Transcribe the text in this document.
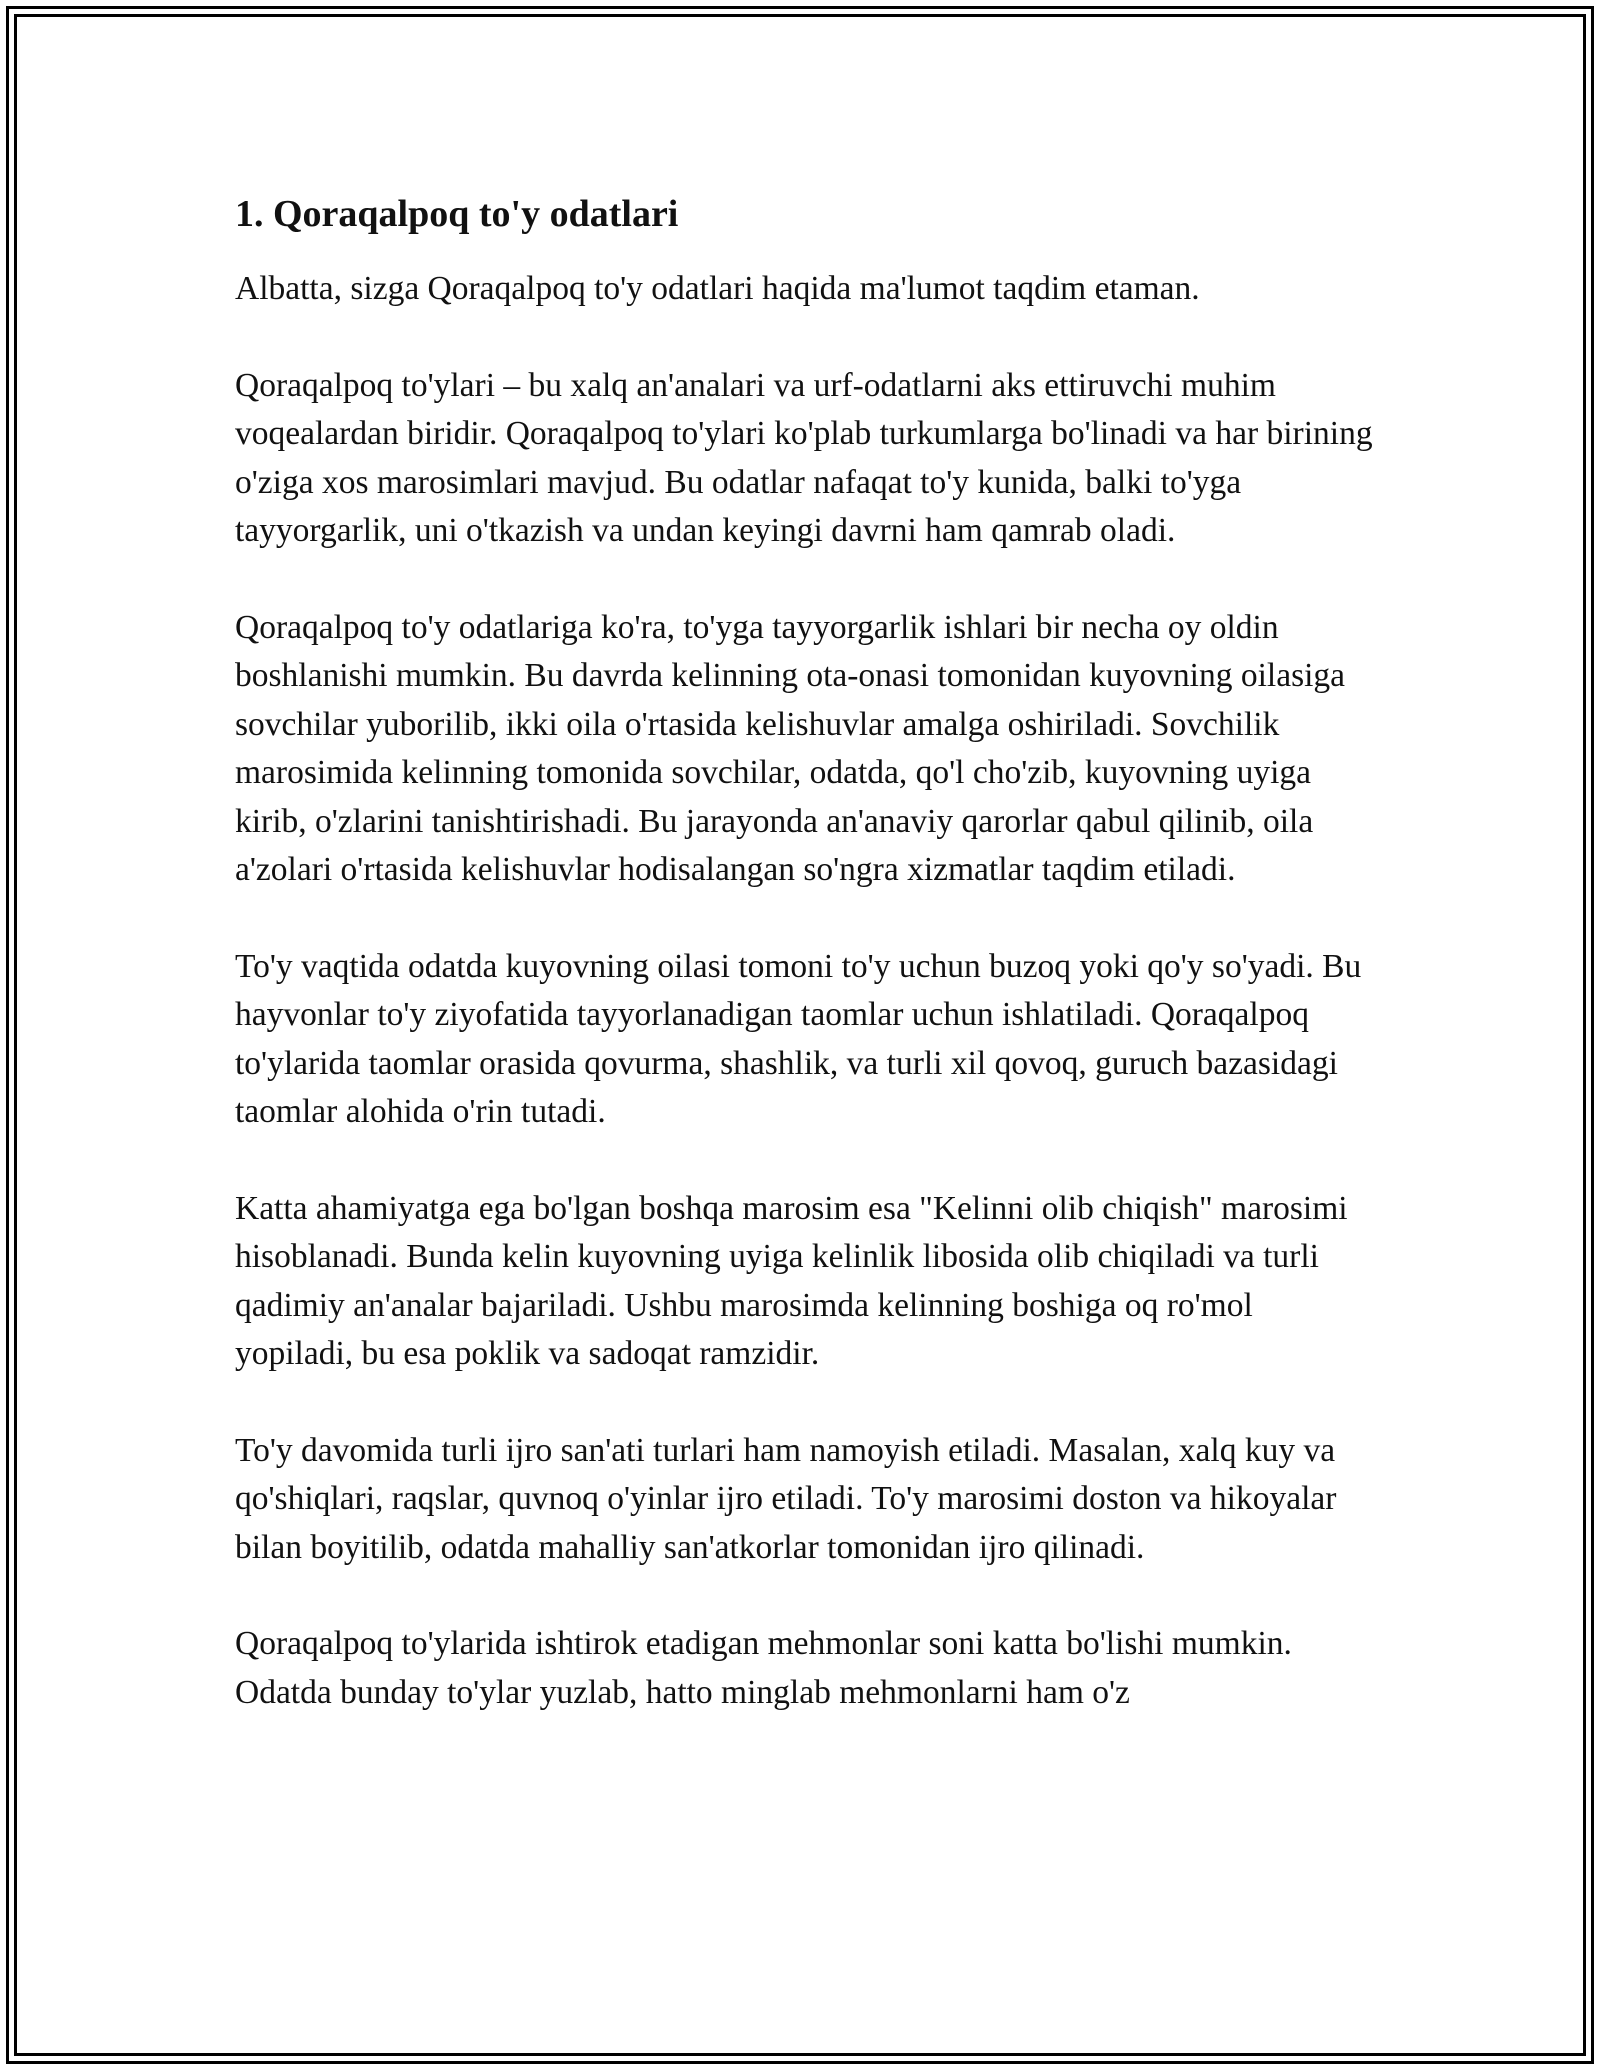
1. Qoraqalpoq to'y odatlari

Albatta, sizga Qoraqalpoq to'y odatlari haqida ma'lumot taqdim etaman.

Qoraqalpoq to'ylari – bu xalq an'analari va urf-odatlarni aks ettiruvchi muhim voqealardan biridir. Qoraqalpoq to'ylari ko'plab turkumlarga bo'linadi va har birining o'ziga xos marosimlari mavjud. Bu odatlar nafaqat to'y kunida, balki to'yga tayyorgarlik, uni o'tkazish va undan keyingi davrni ham qamrab oladi.

Qoraqalpoq to'y odatlariga ko'ra, to'yga tayyorgarlik ishlari bir necha oy oldin boshlanishi mumkin. Bu davrda kelinning ota-onasi tomonidan kuyovning oilasiga sovchilar yuborilib, ikki oila o'rtasida kelishuvlar amalga oshiriladi. Sovchilik marosimida kelinning tomonida sovchilar, odatda, qo'l cho'zib, kuyovning uyiga kirib, o'zlarini tanishtirishadi. Bu jarayonda an'anaviy qarorlar qabul qilinib, oila a'zolari o'rtasida kelishuvlar hodisalangan so'ngra xizmatlar taqdim etiladi.

To'y vaqtida odatda kuyovning oilasi tomoni to'y uchun buzoq yoki qo'y so'yadi. Bu hayvonlar to'y ziyofatida tayyorlanadigan taomlar uchun ishlatiladi. Qoraqalpoq to'ylarida taomlar orasida qovurma, shashlik, va turli xil qovoq, guruch bazasidagi taomlar alohida o'rin tutadi.

Katta ahamiyatga ega bo'lgan boshqa marosim esa "Kelinni olib chiqish" marosimi hisoblanadi. Bunda kelin kuyovning uyiga kelinlik libosida olib chiqiladi va turli qadimiy an'analar bajariladi. Ushbu marosimda kelinning boshiga oq ro'mol yopiladi, bu esa poklik va sadoqat ramzidir.

To'y davomida turli ijro san'ati turlari ham namoyish etiladi. Masalan, xalq kuy va qo'shiqlari, raqslar, quvnoq o'yinlar ijro etiladi. To'y marosimi doston va hikoyalar bilan boyitilib, odatda mahalliy san'atkorlar tomonidan ijro qilinadi.

Qoraqalpoq to'ylarida ishtirok etadigan mehmonlar soni katta bo'lishi mumkin. Odatda bunday to'ylar yuzlab, hatto minglab mehmonlarni ham o'z
